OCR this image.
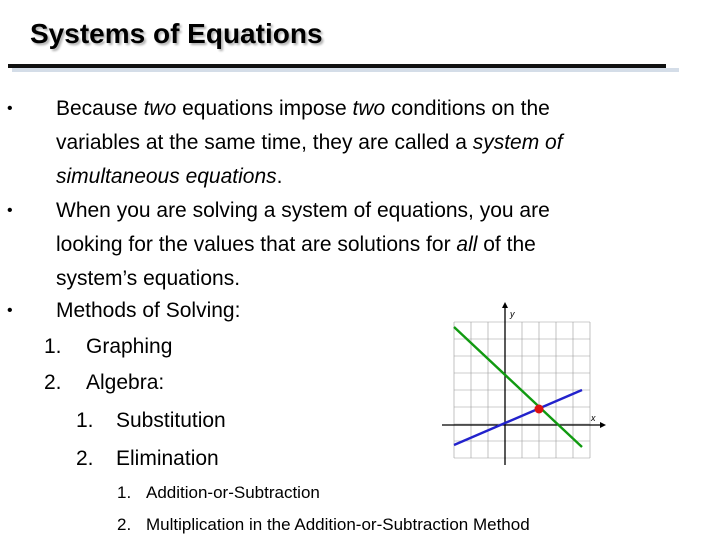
Systems of Equations
• Because two equations impose two conditions on the
variables at the same time, they are called a system of
simultaneous equations.
• When you are solving a system of equations, you are
looking for the values that are solutions for all of the
system’s equations.
• Methods of Solving:
1. Graphing
2. Algebra:
1. Substitution
2. Elimination
1. Addition-or-Subtraction
2. Multiplication in the Addition-or-Subtraction Method
x
y
